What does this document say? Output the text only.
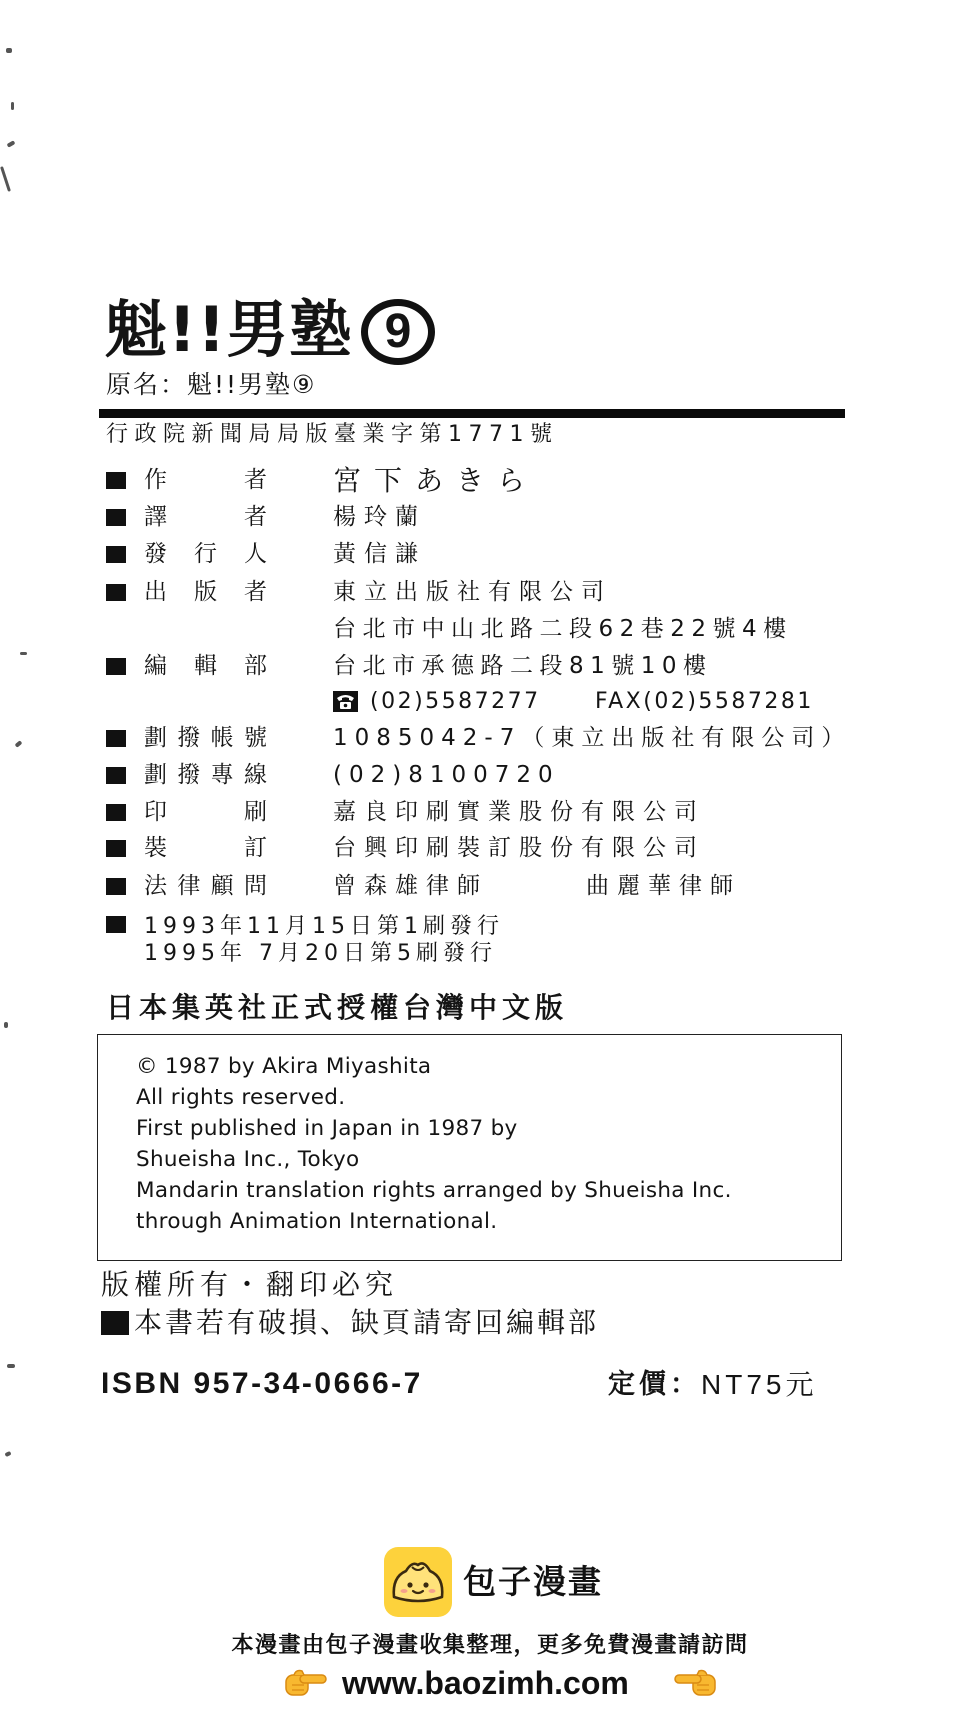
魁!!男塾 9
原名：魁!!男塾⑨
行政院新聞局局版臺業字第1771號
作者 宮下あきら
譯者	楊玲蘭
發行人	黃信謙
出版者	東立出版社有限公司
台北市中山北路二段62巷22號4樓
編輯部	台北市承德路二段81號10樓
(02)5587277 FAX(02)5587281
劃撥帳號	1085042-7（東立出版社有限公司）
劃撥專線	(02)8100720
印刷	嘉良印刷實業股份有限公司
裝訂	台興印刷裝訂股份有限公司
法律顧問	曾森雄律師	曲麗華律師
1993年11月15日第1刷發行
1995年 7月20日第5刷發行
日本集英社正式授權台灣中文版
© 1987 by Akira Miyashita
All rights reserved.
First published in Japan in 1987 by
Shueisha Inc., Tokyo
Mandarin translation rights arranged by Shueisha Inc.
through Animation International.
版權所有・翻印必究
本書若有破損、缺頁請寄回編輯部
ISBN 957-34-0666-7	定價： NT75元
包子漫畫
本漫畫由包子漫畫收集整理，更多免費漫畫請訪問
www.baozimh.com
